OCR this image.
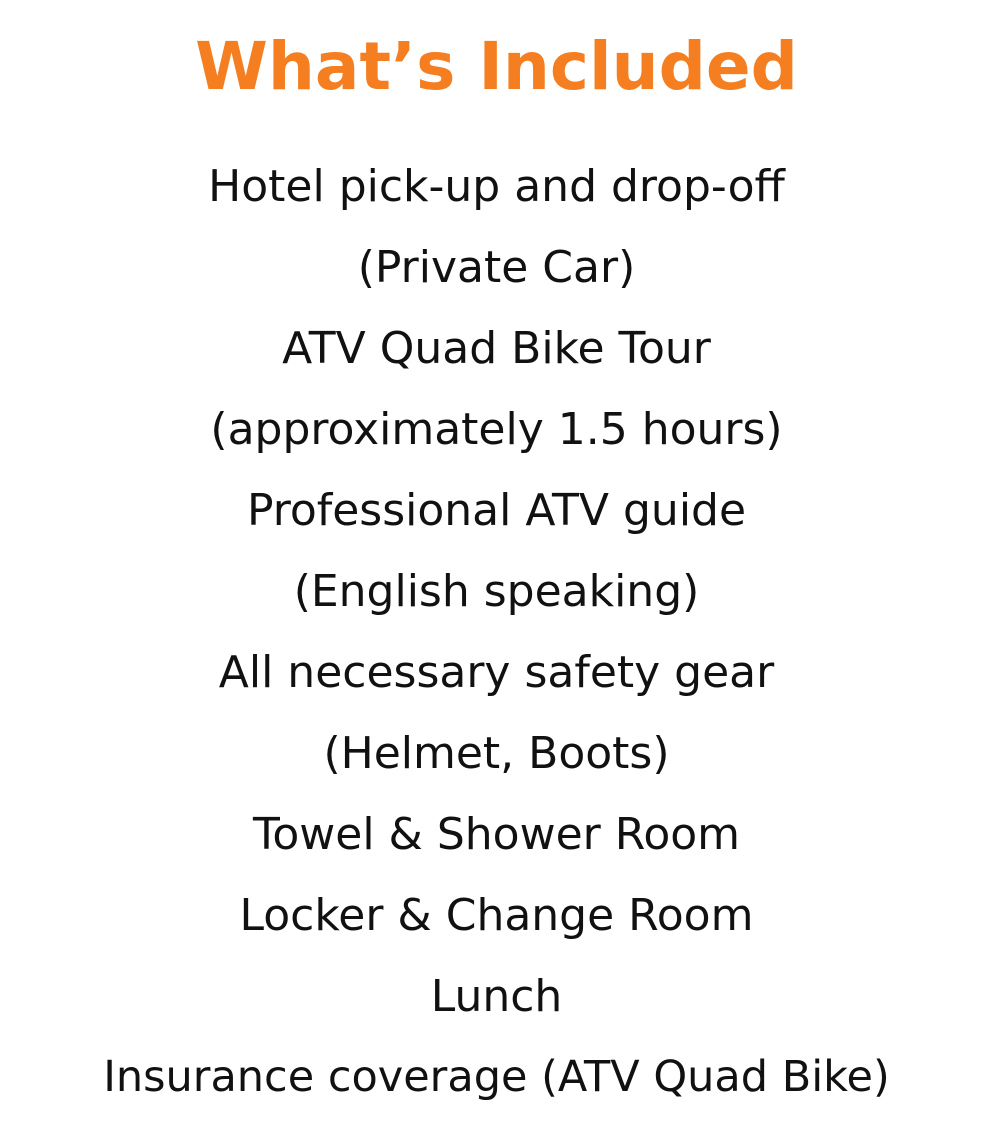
What’s Included
Hotel pick-up and drop-off
(Private Car)
ATV Quad Bike Tour
(approximately 1.5 hours)
Professional ATV guide
(English speaking)
All necessary safety gear
(Helmet, Boots)
Towel & Shower Room
Locker & Change Room
Lunch
Insurance coverage (ATV Quad Bike)
